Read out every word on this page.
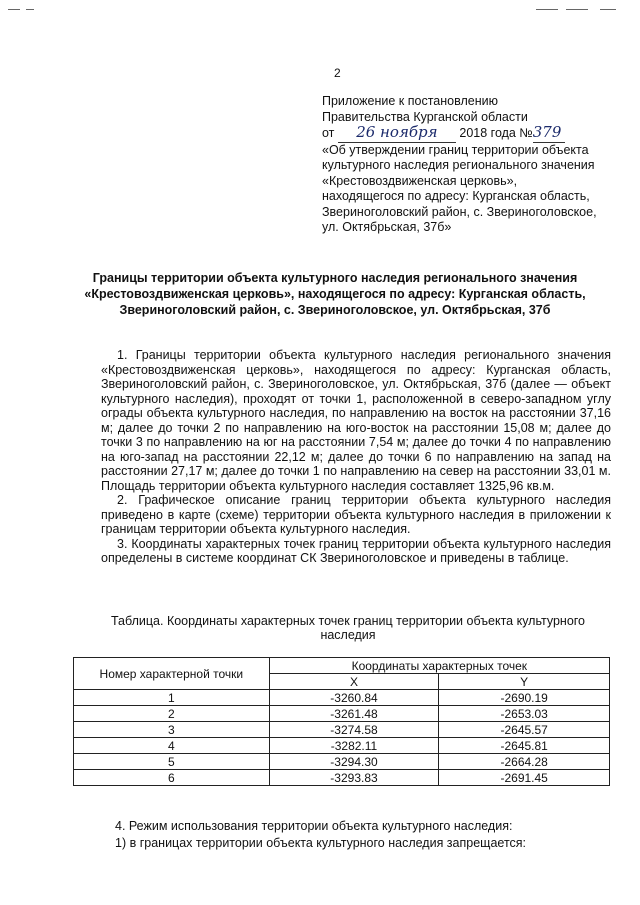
2
Приложение к постановлению
Правительства Курганской области
от 26 ноября 2018 года №379
«Об утверждении границ территории объекта
культурного наследия регионального значения
«Крестовоздвиженская церковь»,
находящегося по адресу: Курганская область,
Звериноголовский район, с. Звериноголовское,
ул. Октябрьская, 37б»
Границы территории объекта культурного наследия регионального значения «Крестовоздвиженская церковь», находящегося по адресу: Курганская область, Звериноголовский район, с. Звериноголовское, ул. Октябрьская, 37б

1. Границы территории объекта культурного наследия регионального значения «Крестовоздвиженская церковь», находящегося по адресу: Курганская область, Звериноголовский район, с. Звериноголовское, ул. Октябрьская, 37б (далее — объект культурного наследия), проходят от точки 1, расположенной в северо-западном углу ограды объекта культурного наследия, по направлению на восток на расстоянии 37,16 м; далее до точки 2 по направлению на юго-восток на расстоянии 15,08 м; далее до точки 3 по направлению на юг на расстоянии 7,54 м; далее до точки 4 по направлению на юго-запад на расстоянии 22,12 м; далее до точки 6 по направлению на запад на расстоянии 27,17 м; далее до точки 1 по направлению на север на расстоянии 33,01 м. Площадь территории объекта культурного наследия составляет 1325,96 кв.м.

2. Графическое описание границ территории объекта культурного наследия приведено в карте (схеме) территории объекта культурного наследия в приложении к границам территории объекта культурного наследия.

3. Координаты характерных точек границ территории объекта культурного наследия определены в системе координат СК Звериноголовское и приведены в таблице.

Таблица. Координаты характерных точек границ территории объекта культурного наследия
Номер характерной точки	Координаты характерных точек	
	X	Y
1	-3260.84	-2690.19
2	-3261.48	-2653.03
3	-3274.58	-2645.57
4	-3282.11	-2645.81
5	-3294.30	-2664.28
6	-3293.83	-2691.45
4. Режим использования территории объекта культурного наследия:
1) в границах территории объекта культурного наследия запрещается:
